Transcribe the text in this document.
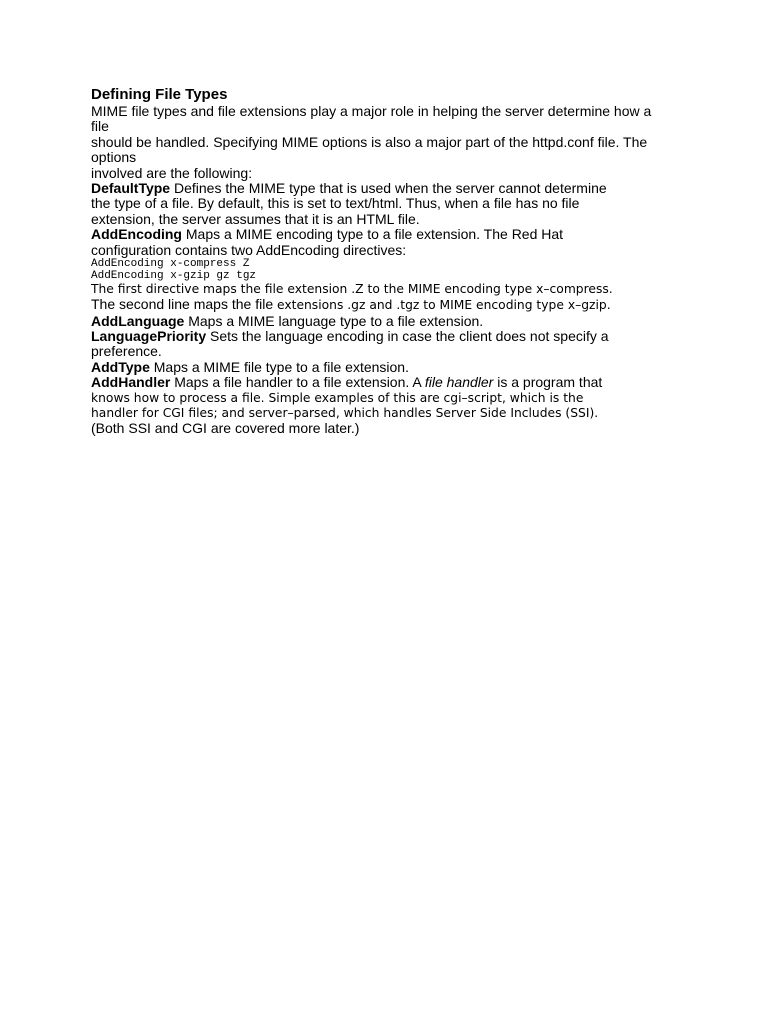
Defining File Types
MIME file types and file extensions play a major role in helping the server determine how a
file
should be handled. Specifying MIME options is also a major part of the httpd.conf file. The
options
involved are the following:
DefaultType Defines the MIME type that is used when the server cannot determine
the type of a file. By default, this is set to text/html. Thus, when a file has no file
extension, the server assumes that it is an HTML file.
AddEncoding Maps a MIME encoding type to a file extension. The Red Hat
configuration contains two AddEncoding directives:
AddEncoding x-compress Z
AddEncoding x-gzip gz tgz
The first directive maps the file extension .Z to the MIME encoding type x–compress.
The second line maps the file extensions .gz and .tgz to MIME encoding type x–gzip.
AddLanguage Maps a MIME language type to a file extension.
LanguagePriority Sets the language encoding in case the client does not specify a
preference.
AddType Maps a MIME file type to a file extension.
AddHandler Maps a file handler to a file extension. A file handler is a program that
knows how to process a file. Simple examples of this are cgi–script, which is the
handler for CGI files; and server–parsed, which handles Server Side Includes (SSI).
(Both SSI and CGI are covered more later.)
